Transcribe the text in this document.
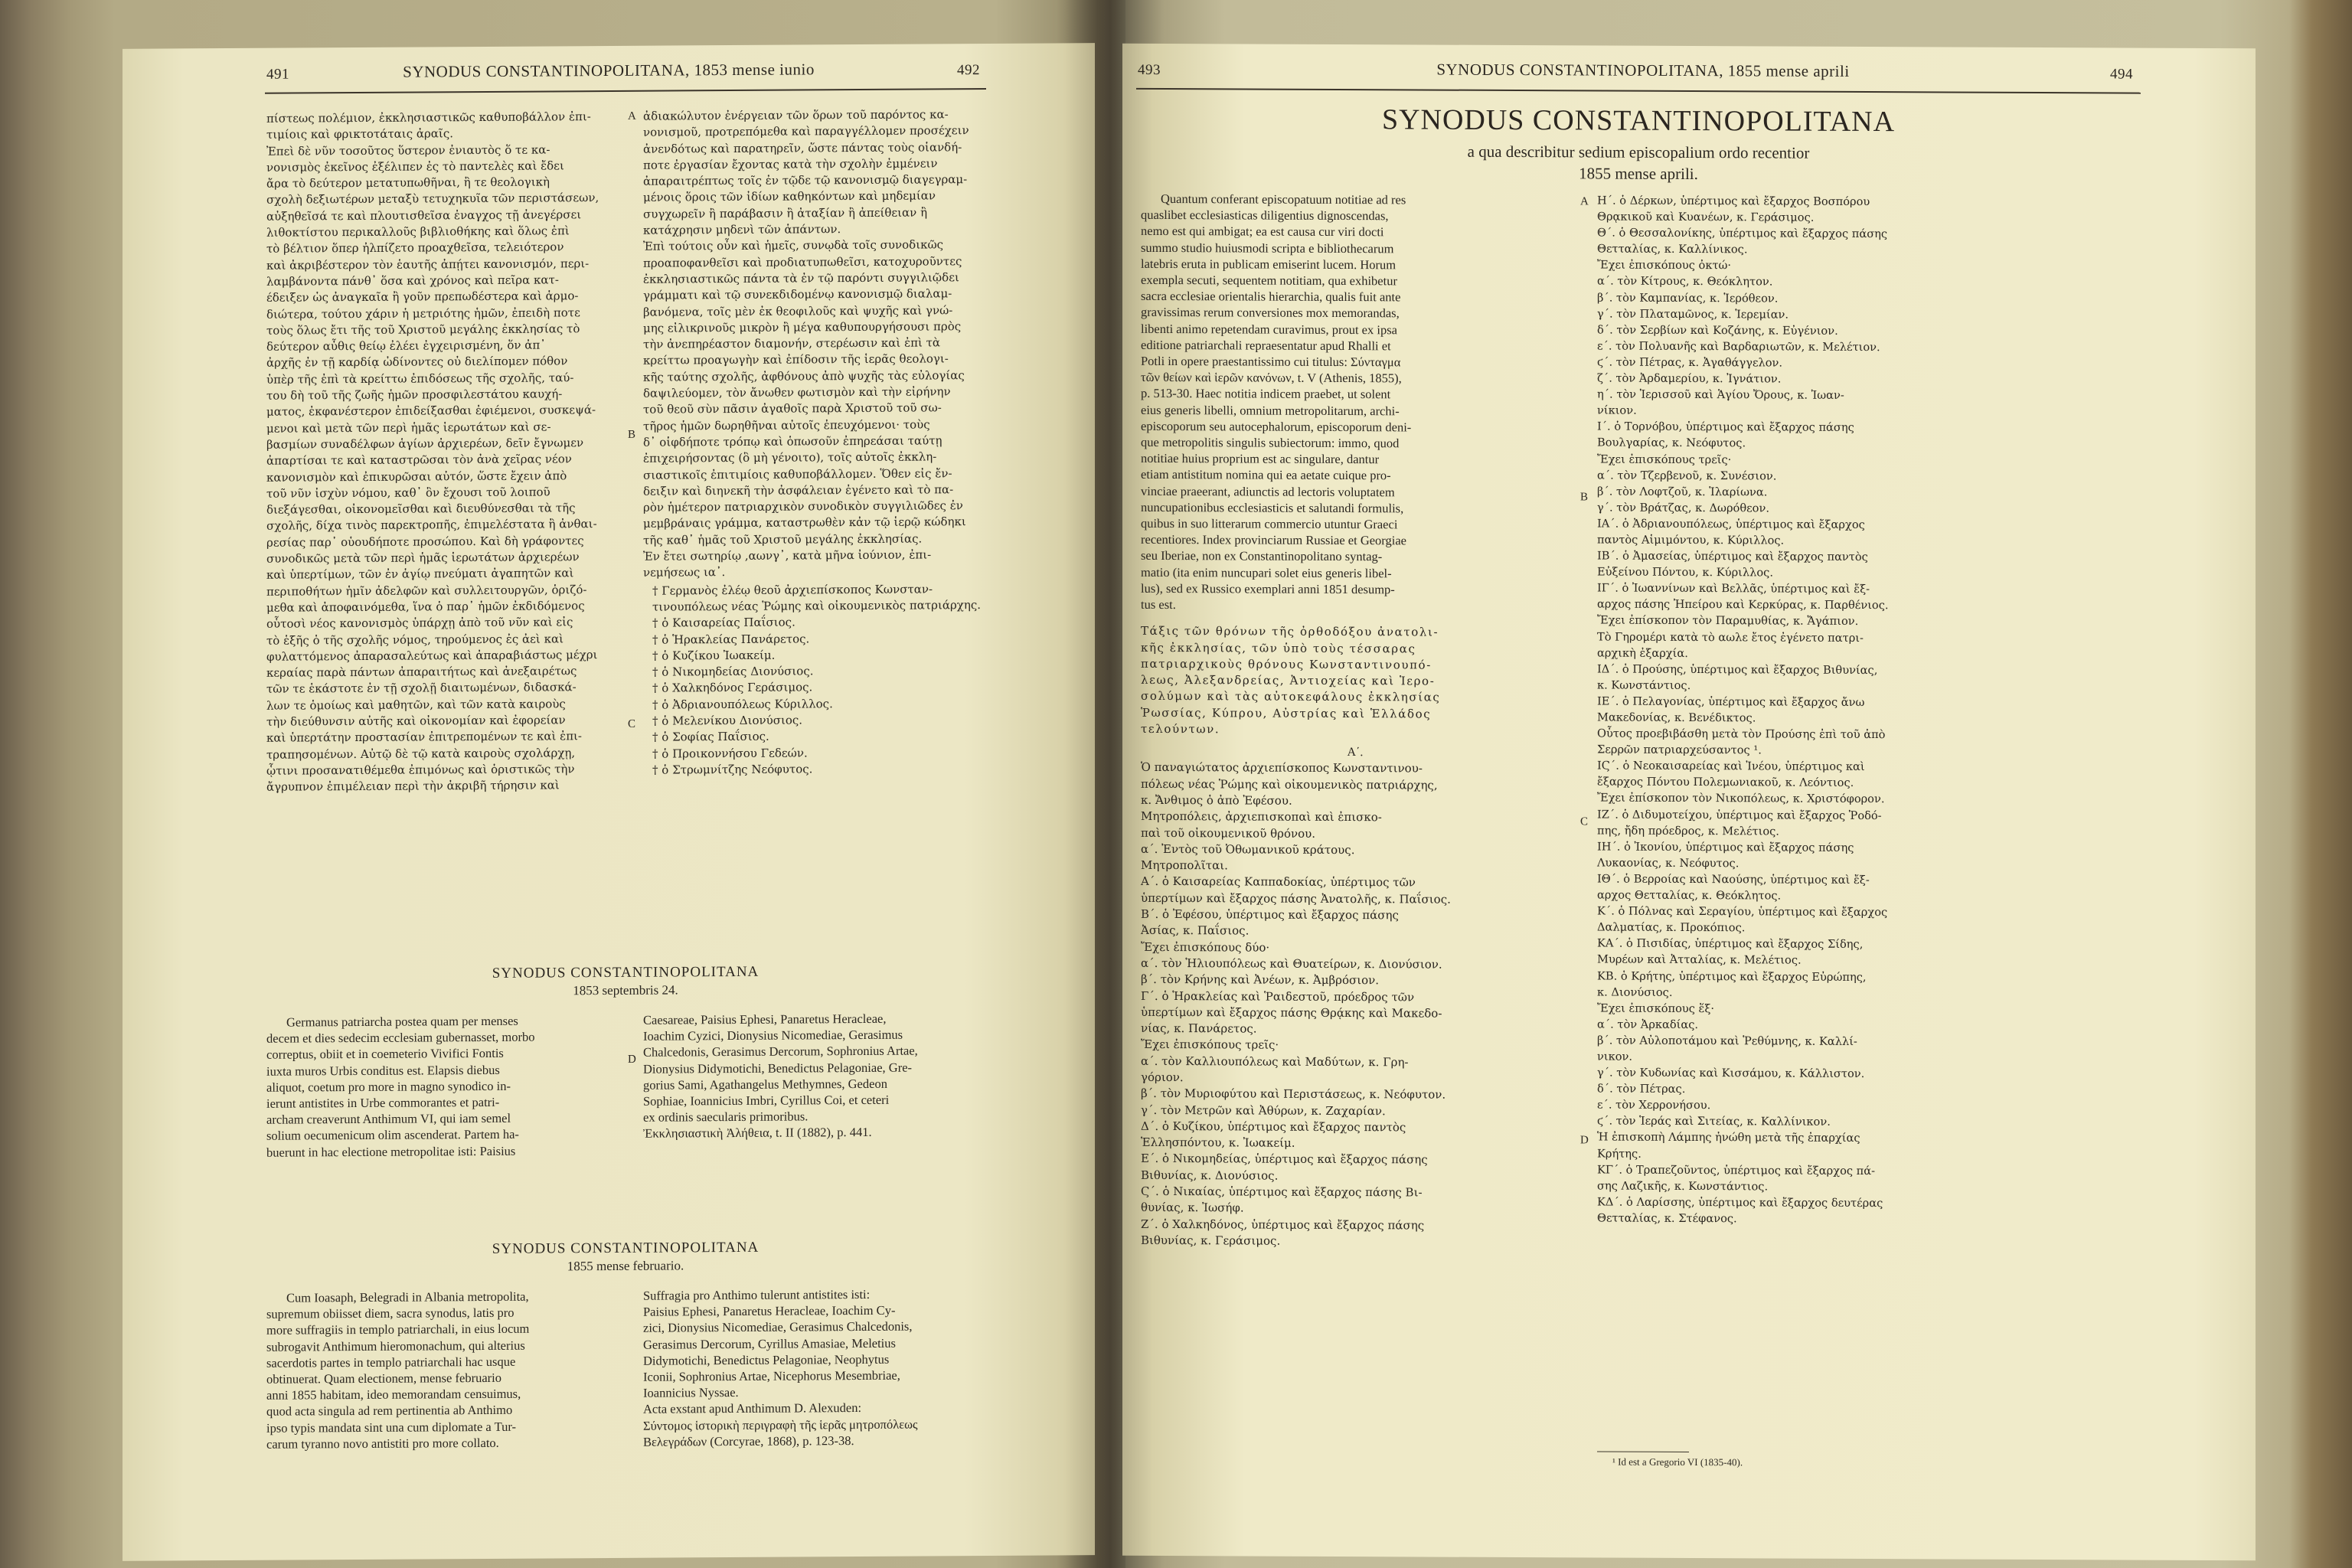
491	SYNODUS CONSTANTINOPOLITANA, 1853 mense iunio	492
πίστεως πολέμιον, ἐκκλησιαστικῶς καθυποβάλλον ἐπι-
τιμίοις καὶ φρικτοτάταις ἀραῖς.
Ἐπεὶ δὲ νῦν τοσοῦτος ὕστερον ἐνιαυτὸς ὅ τε κα-
νονισμὸς ἐκεῖνος ἐξέλιπεν ἐς τὸ παντελὲς καὶ ἔδει
ἄρα τὸ δεύτερον μετατυπωθῆναι, ἢ τε θεολογικὴ
σχολὴ δεξιωτέρων μεταξὺ τετυχηκυῖα τῶν περιστάσεων,
αὐξηθεῖσά τε καὶ πλουτισθεῖσα ἐναγχος τῇ ἀνεγέρσει
λιθοκτίστου περικαλλοῦς βιβλιοθήκης καὶ ὅλως ἐπὶ
τὸ βέλτιον ὅπερ ἠλπίζετο προαχθεῖσα, τελειότερον
καὶ ἀκριβέστερον τὸν ἑαυτῆς ἀπῄτει κανονισμόν, περι-
λαμβάνοντα πάνθ᾽ ὅσα καὶ χρόνος καὶ πεῖρα κατ-
έδειξεν ὡς ἀναγκαῖα ἢ γοῦν πρεπωδέστερα καὶ ἁρμο-
διώτερα, τούτου χάριν ἡ μετριότης ἡμῶν, ἐπειδὴ ποτε
τοὺς ὅλως ἔτι τῆς τοῦ Χριστοῦ μεγάλης ἐκκλησίας τὸ
δεύτερον αὖθις θείῳ ἐλέει ἐγχειρισμένη, ὅν ἀπ᾽
ἀρχῆς ἐν τῇ καρδίᾳ ὠδίνοντες οὐ διελίπομεν πόθον
ὑπὲρ τῆς ἐπὶ τὰ κρείττω ἐπιδόσεως τῆς σχολῆς, ταύ-
του δὴ τοῦ τῆς ζωῆς ἡμῶν προσφιλεστάτου καυχή-
ματος, ἐκφανέστερον ἐπιδείξασθαι ἐφιέμενοι, συσκεψά-
μενοι καὶ μετὰ τῶν περὶ ἡμᾶς ἱερωτάτων καὶ σε-
βασμίων συναδέλφων ἁγίων ἀρχιερέων, δεῖν ἔγνωμεν
ἀπαρτίσαι τε καὶ καταστρῶσαι τὸν ἀνὰ χεῖρας νέον
κανονισμὸν καὶ ἐπικυρῶσαι αὐτόν, ὥστε ἔχειν ἀπὸ
τοῦ νῦν ἰσχὺν νόμου, καθ᾽ ὃν ἔχουσι τοῦ λοιποῦ
διεξάγεσθαι, οἰκονομεῖσθαι καὶ διευθύνεσθαι τὰ τῆς
σχολῆς, δίχα τινὸς παρεκτροπῆς, ἐπιμελέστατα ἢ ἀνθαι-
ρεσίας παρ᾽ οὑουδήποτε προσώπου. Καὶ δὴ γράφοντες
συνοδικῶς μετὰ τῶν περὶ ἡμᾶς ἱερωτάτων ἀρχιερέων
καὶ ὑπερτίμων, τῶν ἐν ἁγίῳ πνεύματι ἀγαπητῶν καὶ
περιποθήτων ἡμῖν ἀδελφῶν καὶ συλλειτουργῶν, ὁριζό-
μεθα καὶ ἀποφαινόμεθα, ἵνα ὁ παρ᾽ ἡμῶν ἐκδιδόμενος
οὗτοσὶ νέος κανονισμὸς ὑπάρχῃ ἀπὸ τοῦ νῦν καὶ εἰς
τὸ ἑξῆς ὁ τῆς σχολῆς νόμος, τηρούμενος ἐς ἀεὶ καὶ
φυλαττόμενος ἀπαρασαλεύτως καὶ ἀπαραβιάστως μέχρι
κεραίας παρὰ πάντων ἀπαραιτήτως καὶ ἀνεξαιρέτως
τῶν τε ἑκάστοτε ἐν τῇ σχολῇ διαιτωμένων, διδασκά-
λων τε ὁμοίως καὶ μαθητῶν, καὶ τῶν κατὰ καιροὺς
τὴν διεύθυνσιν αὐτῆς καὶ οἰκονομίαν καὶ ἐφορείαν
καὶ ὑπερτάτην προστασίαν ἐπιτρεπομένων τε καὶ ἐπι-
τραπησομένων. Αὐτῷ δὲ τῷ κατὰ καιροὺς σχολάρχῃ,
ᾧτινι προσανατιθέμεθα ἐπιμόνως καὶ ὁριστικῶς τὴν
ἄγρυπνον ἐπιμέλειαν περὶ τὴν ἀκριβῆ τήρησιν καὶ
ἀδιακώλυτον ἐνέργειαν τῶν ὅρων τοῦ παρόντος κα-
νονισμοῦ, προτρεπόμεθα καὶ παραγγέλλομεν προσέχειν
ἀνενδότως καὶ παρατηρεῖν, ὥστε πάντας τοὺς οἱανδή-
ποτε ἐργασίαν ἔχοντας κατὰ τὴν σχολὴν ἐμμένειν
ἀπαραιτρέπτως τοῖς ἐν τῷδε τῷ κανονισμῷ διαγεγραμ-
μένοις ὅροις τῶν ἰδίων καθηκόντων καὶ μηδεμίαν
συγχωρεῖν ἢ παράβασιν ἢ ἀταξίαν ἢ ἀπείθειαν ἢ
κατάχρησιν μηδενὶ τῶν ἁπάντων.
Ἐπὶ τούτοις οὖν καὶ ἡμεῖς, συνῳδὰ τοῖς συνοδικῶς
προαποφανθεῖσι καὶ προδιατυπωθεῖσι, κατοχυροῦντες
ἐκκλησιαστικῶς πάντα τὰ ἐν τῷ παρόντι συγγιλιῷδει
γράμματι καὶ τῷ συνεκδιδομένῳ κανονισμῷ διαλαμ-
βανόμενα, τοῖς μὲν ἐκ θεοφιλοῦς καὶ ψυχῆς καὶ γνώ-
μης εἰλικρινοῦς μικρὸν ἢ μέγα καθυπουργήσουσι πρὸς
τὴν ἀνεπηρέαστον διαμονήν, στερέωσιν καὶ ἐπὶ τὰ
κρείττω προαγωγὴν καὶ ἐπίδοσιν τῆς ἱερᾶς θεολογι-
κῆς ταύτης σχολῆς, ἀφθόνους ἀπὸ ψυχῆς τὰς εὐλογίας
δαψιλεύομεν, τὸν ἄνωθεν φωτισμὸν καὶ τὴν εἰρήνην
τοῦ θεοῦ σὺν πᾶσιν ἀγαθοῖς παρὰ Χριστοῦ τοῦ σω-
τῆρος ἡμῶν δωρηθῆναι αὐτοῖς ἐπευχόμενοι· τοὺς
δ᾽ οἱφδήποτε τρόπῳ καὶ ὁπωσοῦν ἐπηρεάσαι ταύτῃ
ἐπιχειρήσοντας (ὃ μὴ γένοιτο), τοῖς αὐτοῖς ἐκκλη-
σιαστικοῖς ἐπιτιμίοις καθυποβάλλομεν. Ὅθεν εἰς ἔν-
δειξιν καὶ διηνεκῆ τὴν ἀσφάλειαν ἐγένετο καὶ τὸ πα-
ρὸν ἡμέτερον πατριαρχικὸν συνοδικὸν συγγιλιῶδες ἐν
μεμβράναις γράμμα, καταστρωθὲν κἀν τῷ ἱερῷ κώδηκι
τῆς καθ᾽ ἡμᾶς τοῦ Χριστοῦ μεγάλης ἐκκλησίας.
Ἐν ἔτει σωτηρίῳ ,αωνγ᾽, κατὰ μῆνα ἰούνιον, ἐπι-
νεμήσεως ια᾽.
† Γερμανὸς ἐλέῳ θεοῦ ἀρχιεπίσκοπος Κωνσταν-
τινουπόλεως νέας Ῥώμης καὶ οἰκουμενικὸς πατριάρχης.
† ὁ Καισαρείας Παΐσιος.
† ὁ Ἡρακλείας Πανάρετος.
† ὁ Κυζίκου Ἰωακείμ.
† ὁ Νικομηδείας Διονύσιος.
† ὁ Χαλκηδόνος Γεράσιμος.
† ὁ Ἀδριανουπόλεως Κύριλλος.
† ὁ Μελενίκου Διονύσιος.
† ὁ Σοφίας Παΐσιος.
† ὁ Προικοννήσου Γεδεών.
† ὁ Στρωμνίτζης Νεόφυτος.
A
B
C
D
SYNODUS CONSTANTINOPOLITANA
1853 septembris 24.
Germanus patriarcha postea quam per menses
decem et dies sedecim ecclesiam gubernasset, morbo
correptus, obiit et in coemeterio Vivifici Fontis
iuxta muros Urbis conditus est. Elapsis diebus
aliquot, coetum pro more in magno synodico in-
ierunt antistites in Urbe commorantes et patri-
archam creaverunt Anthimum VI, qui iam semel
solium oecumenicum olim ascenderat. Partem ha-
buerunt in hac electione metropolitae isti: Paisius
Caesareae, Paisius Ephesi, Panaretus Heracleae,
Ioachim Cyzici, Dionysius Nicomediae, Gerasimus
Chalcedonis, Gerasimus Dercorum, Sophronius Artae,
Dionysius Didymotichi, Benedictus Pelagoniae, Gre-
gorius Sami, Agathangelus Methymnes, Gedeon
Sophiae, Ioannicius Imbri, Cyrillus Coi, et ceteri
ex ordinis saecularis primoribus.
Ἐκκλησιαστικὴ Ἀλήθεια, t. II (1882), p. 441.
SYNODUS CONSTANTINOPOLITANA
1855 mense februario.
Cum Ioasaph, Belegradi in Albania metropolita,
supremum obiisset diem, sacra synodus, latis pro
more suffragiis in templo patriarchali, in eius locum
subrogavit Anthimum hieromonachum, qui alterius
sacerdotis partes in templo patriarchali hac usque
obtinuerat. Quam electionem, mense februario
anni 1855 habitam, ideo memorandam censuimus,
quod acta singula ad rem pertinentia ab Anthimo
ipso typis mandata sint una cum diplomate a Tur-
carum tyranno novo antistiti pro more collato.
Suffragia pro Anthimo tulerunt antistites isti:
Paisius Ephesi, Panaretus Heracleae, Ioachim Cy-
zici, Dionysius Nicomediae, Gerasimus Chalcedonis,
Gerasimus Dercorum, Cyrillus Amasiae, Meletius
Didymotichi, Benedictus Pelagoniae, Neophytus
Iconii, Sophronius Artae, Nicephorus Mesembriae,
Ioannicius Nyssae.
Acta exstant apud Anthimum D. Alexuden:
Σύντομος ἱστορικὴ περιγραφὴ τῆς ἱερᾶς μητροπόλεως
Βελεγράδων (Corcyrae, 1868), p. 123-38.
493	SYNODUS CONSTANTINOPOLITANA, 1855 mense aprili	494
SYNODUS CONSTANTINOPOLITANA
a qua describitur sedium episcopalium ordo recentior
1855 mense aprili.
Quantum conferant episcopatuum notitiae ad res
quaslibet ecclesiasticas diligentius dignoscendas,
nemo est qui ambigat; ea est causa cur viri docti
summo studio huiusmodi scripta e bibliothecarum
latebris eruta in publicam emiserint lucem. Horum
exempla secuti, sequentem notitiam, qua exhibetur
sacra ecclesiae orientalis hierarchia, qualis fuit ante
gravissimas rerum conversiones mox memorandas,
libenti animo repetendam curavimus, prout ex ipsa
editione patriarchali repraesentatur apud Rhalli et
Potli in opere praestantissimo cui titulus: Σύνταγμα
τῶν θείων καὶ ἱερῶν κανόνων, t. V (Athenis, 1855),
p. 513-30. Haec notitia indicem praebet, ut solent
eius generis libelli, omnium metropolitarum, archi-
episcoporum seu autocephalorum, episcoporum deni-
que metropolitis singulis subiectorum: immo, quod
notitiae huius proprium est ac singulare, dantur
etiam antistitum nomina qui ea aetate cuique pro-
vinciae praeerant, adiunctis ad lectoris voluptatem
nuncupationibus ecclesiasticis et salutandi formulis,
quibus in suo litterarum commercio utuntur Graeci
recentiores. Index provinciarum Russiae et Georgiae
seu Iberiae, non ex Constantinopolitano syntag-
matio (ita enim nuncupari solet eius generis libel-
lus), sed ex Russico exemplari anni 1851 desump-
tus est.
Τάξις τῶν θρόνων τῆς ὀρθοδόξου ἀνατολι-
κῆς ἐκκλησίας, τῶν ὑπὸ τοὺς τέσσαρας
πατριαρχικοὺς θρόνους Κωνσταντινουπό-
λεως, Ἀλεξανδρείας, Ἀντιοχείας καὶ Ἱερο-
σολύμων καὶ τὰς αὐτοκεφάλους ἐκκλησίας
Ῥωσσίας, Κύπρου, Αὐστρίας καὶ Ἑλλάδος
τελούντων.
Α΄.
Ὁ παναγιώτατος ἀρχιεπίσκοπος Κωνσταντινου-
πόλεως νέας Ῥώμης καὶ οἰκουμενικὸς πατριάρχης,
κ. Ἄνθιμος ὁ ἀπὸ Ἐφέσου.
Μητροπόλεις, ἀρχιεπισκοπαὶ καὶ ἐπισκο-
παὶ τοῦ οἰκουμενικοῦ θρόνου.
α΄. Ἐντὸς τοῦ Ὀθωμανικοῦ κράτους.
Μητροπολῖται.
Α΄. ὁ Καισαρείας Καππαδοκίας, ὑπέρτιμος τῶν
ὑπερτίμων καὶ ἔξαρχος πάσης Ἀνατολῆς, κ. Παΐσιος.
Β΄. ὁ Ἐφέσου, ὑπέρτιμος καὶ ἔξαρχος πάσης
Ἀσίας, κ. Παΐσιος.
Ἔχει ἐπισκόπους δύο·
α΄. τὸν Ἡλιουπόλεως καὶ Θυατείρων, κ. Διονύσιον.
β΄. τὸν Κρήνης καὶ Ἀνέων, κ. Ἀμβρόσιον.
Γ΄. ὁ Ἡρακλείας καὶ Ῥαιδεστοῦ, πρόεδρος τῶν
ὑπερτίμων καὶ ἔξαρχος πάσης Θρᾴκης καὶ Μακεδο-
νίας, κ. Πανάρετος.
Ἔχει ἐπισκόπους τρεῖς·
α΄. τὸν Καλλιουπόλεως καὶ Μαδύτων, κ. Γρη-
γόριον.
β΄. τὸν Μυριοφύτου καὶ Περιστάσεως, κ. Νεόφυτον.
γ΄. τὸν Μετρῶν καὶ Ἀθύρων, κ. Ζαχαρίαν.
Δ΄. ὁ Κυζίκου, ὑπέρτιμος καὶ ἔξαρχος παντὸς
Ἑλλησπόντου, κ. Ἰωακείμ.
Ε΄. ὁ Νικομηδείας, ὑπέρτιμος καὶ ἔξαρχος πάσης
Βιθυνίας, κ. Διονύσιος.
Ϛ΄. ὁ Νικαίας, ὑπέρτιμος καὶ ἔξαρχος πάσης Βι-
θυνίας, κ. Ἰωσήφ.
Ζ΄. ὁ Χαλκηδόνος, ὑπέρτιμος καὶ ἔξαρχος πάσης
Βιθυνίας, κ. Γεράσιμος.
A
B
C
D
Η΄. ὁ Δέρκων, ὑπέρτιμος καὶ ἔξαρχος Βοσπόρου
Θρᾳκικοῦ καὶ Κυανέων, κ. Γεράσιμος.
Θ΄. ὁ Θεσσαλονίκης, ὑπέρτιμος καὶ ἔξαρχος πάσης
Θετταλίας, κ. Καλλίνικος.
Ἔχει ἐπισκόπους ὀκτώ·
α΄. τὸν Κίτρους, κ. Θεόκλητον.
β΄. τὸν Καμπανίας, κ. Ἱερόθεον.
γ΄. τὸν Πλαταμῶνος, κ. Ἱερεμίαν.
δ΄. τὸν Σερβίων καὶ Κοζάνης, κ. Εὐγένιον.
ε΄. τὸν Πολυανῆς καὶ Βαρδαριωτῶν, κ. Μελέτιον.
ϛ΄. τὸν Πέτρας, κ. Ἀγαθάγγελον.
ζ΄. τὸν Ἀρδαμερίου, κ. Ἰγνάτιον.
η΄. τὸν Ἱερισσοῦ καὶ Ἁγίου Ὄρους, κ. Ἰωαν-
νίκιον.
Ι΄. ὁ Τορνόβου, ὑπέρτιμος καὶ ἔξαρχος πάσης
Βουλγαρίας, κ. Νεόφυτος.
Ἔχει ἐπισκόπους τρεῖς·
α΄. τὸν Τζερβενοῦ, κ. Συνέσιον.
β΄. τὸν Λοφτζοῦ, κ. Ἱλαρίωνα.
γ΄. τὸν Βράτζας, κ. Δωρόθεον.
ΙΑ΄. ὁ Ἀδριανουπόλεως, ὑπέρτιμος καὶ ἔξαρχος
παντὸς Αἱμιμόντου, κ. Κύριλλος.
ΙΒ΄. ὁ Ἀμασείας, ὑπέρτιμος καὶ ἔξαρχος παντὸς
Εὐξείνου Πόντου, κ. Κύριλλος.
ΙΓ΄. ὁ Ἰωαννίνων καὶ Βελλᾶς, ὑπέρτιμος καὶ ἔξ-
αρχος πάσης Ἠπείρου καὶ Κερκύρας, κ. Παρθένιος.
Ἔχει ἐπίσκοπον τὸν Παραμυθίας, κ. Ἄγάπιον.
Τὸ Γηρομέρι κατὰ τὸ αωλε ἔτος ἐγένετο πατρι-
αρχικὴ ἐξαρχία.
ΙΔ΄. ὁ Προύσης, ὑπέρτιμος καὶ ἔξαρχος Βιθυνίας,
κ. Κωνστάντιος.
ΙΕ΄. ὁ Πελαγονίας, ὑπέρτιμος καὶ ἔξαρχος ἄνω
Μακεδονίας, κ. Βενέδικτος.
Οὗτος προεβιβάσθη μετὰ τὸν Προύσης ἐπὶ τοῦ ἀπὸ
Σερρῶν πατριαρχεύσαντος ¹.
ΙϚ΄. ὁ Νεοκαισαρείας καὶ Ἰνέου, ὑπέρτιμος καὶ
ἔξαρχος Πόντου Πολεμωνιακοῦ, κ. Λεόντιος.
Ἔχει ἐπίσκοπον τὸν Νικοπόλεως, κ. Χριστόφορον.
ΙΖ΄. ὁ Διδυμοτείχου, ὑπέρτιμος καὶ ἔξαρχος Ῥοδό-
πης, ἤδη πρόεδρος, κ. Μελέτιος.
ΙΗ΄. ὁ Ἰκονίου, ὑπέρτιμος καὶ ἔξαρχος πάσης
Λυκαονίας, κ. Νεόφυτος.
ΙΘ΄. ὁ Βερροίας καὶ Ναούσης, ὑπέρτιμος καὶ ἔξ-
αρχος Θετταλίας, κ. Θεόκλητος.
Κ΄. ὁ Πόλνας καὶ Σεραγίου, ὑπέρτιμος καὶ ἔξαρχος
Δαλματίας, κ. Προκόπιος.
ΚΑ΄. ὁ Πισιδίας, ὑπέρτιμος καὶ ἔξαρχος Σίδης,
Μυρέων καὶ Ἀτταλίας, κ. Μελέτιος.
ΚΒ. ὁ Κρήτης, ὑπέρτιμος καὶ ἔξαρχος Εὐρώπης,
κ. Διονύσιος.
Ἔχει ἐπισκόπους ἕξ·
α΄. τὸν Ἀρκαδίας.
β΄. τὸν Αὐλοποτάμου καὶ Ῥεθύμνης, κ. Καλλί-
νικον.
γ΄. τὸν Κυδωνίας καὶ Κισσάμου, κ. Κάλλιστον.
δ΄. τὸν Πέτρας.
ε΄. τὸν Χερρονήσου.
ϛ΄. τὸν Ἱεράς καὶ Σιτείας, κ. Καλλίνικον.
Ἡ ἐπισκοπὴ Λάμπης ἠνώθη μετὰ τῆς ἐπαρχίας
Κρήτης.
ΚΓ΄. ὁ Τραπεζοῦντος, ὑπέρτιμος καὶ ἔξαρχος πά-
σης Λαζικῆς, κ. Κωνστάντιος.
ΚΔ΄. ὁ Λαρίσσης, ὑπέρτιμος καὶ ἔξαρχος δευτέρας
Θετταλίας, κ. Στέφανος.
¹ Id est a Gregorio VI (1835-40).
